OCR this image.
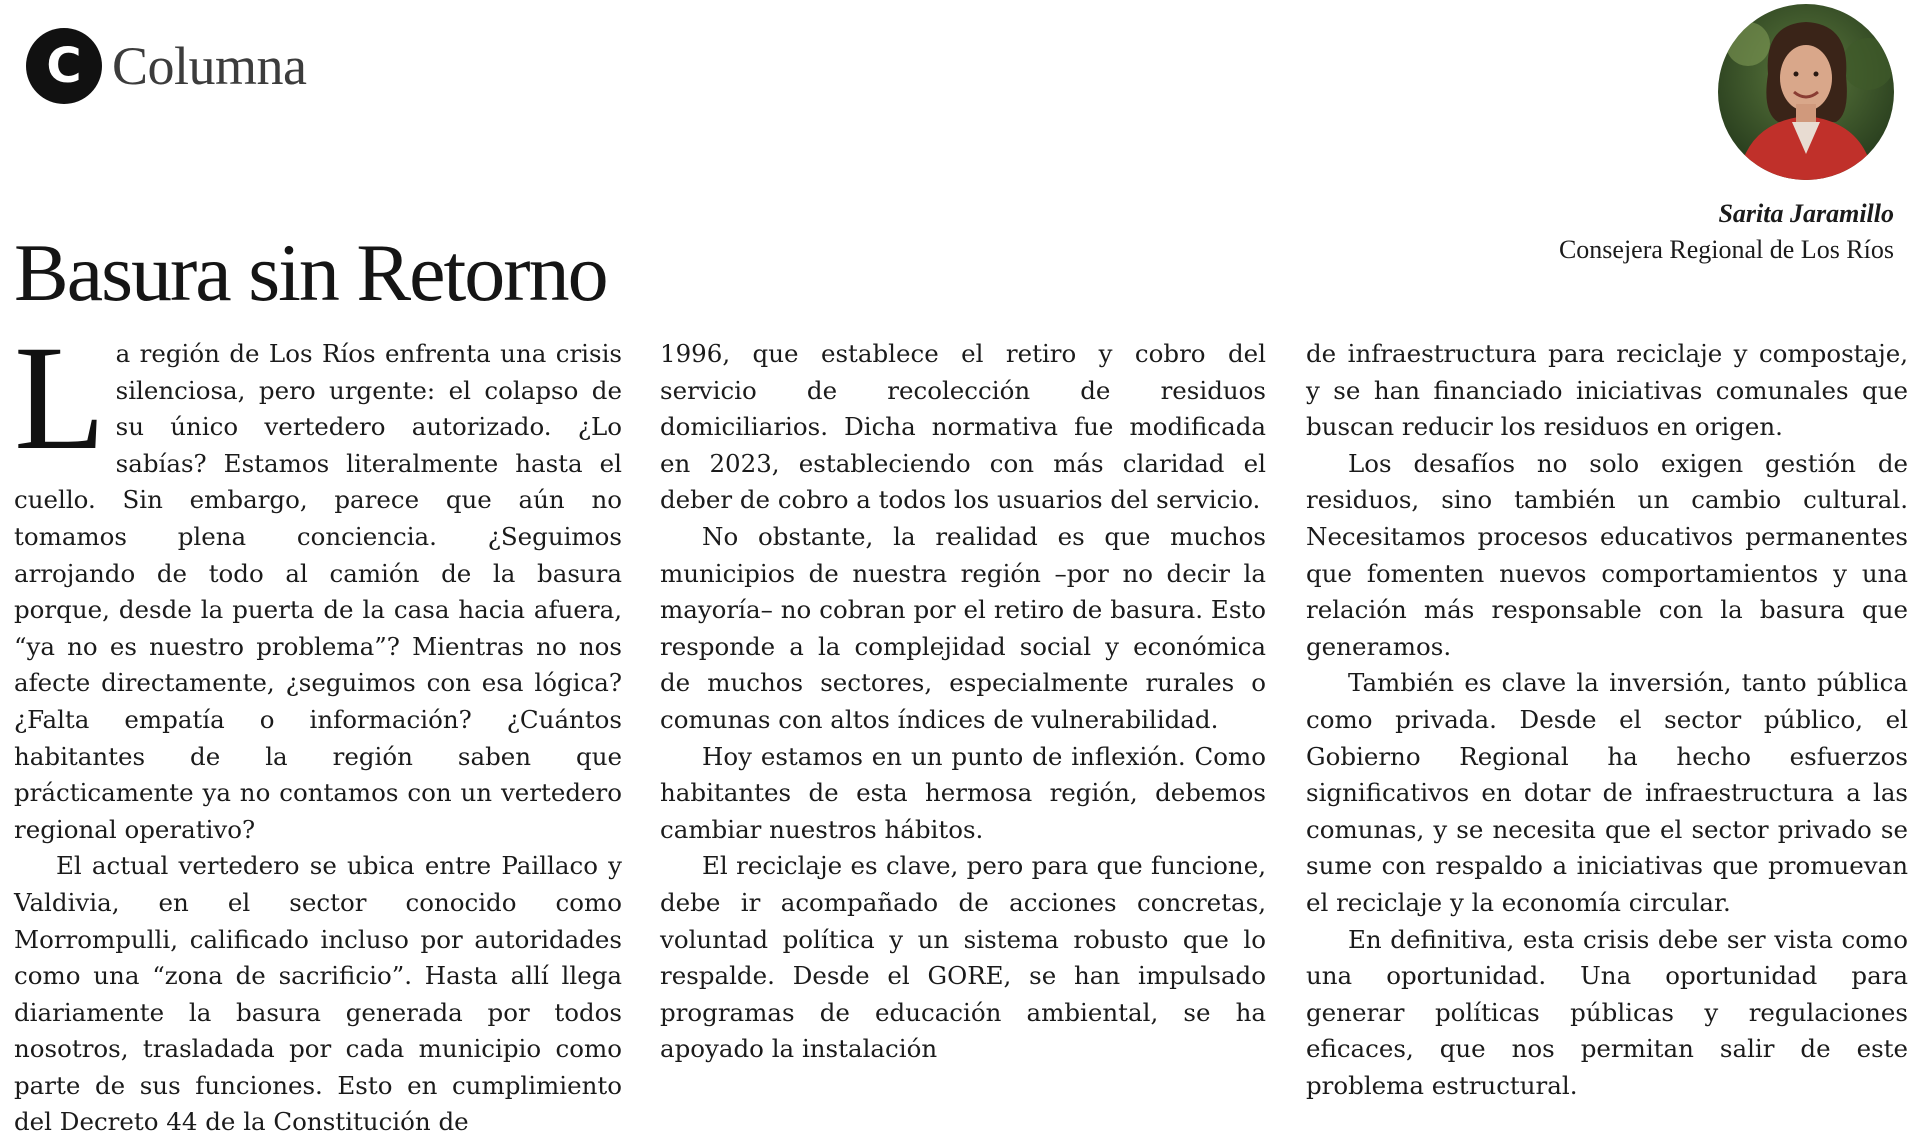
C Columna
Basura sin Retorno
Sarita Jaramillo
Consejera Regional de Los Ríos

La región de Los Ríos enfrenta una crisis silenciosa, pero urgente: el colapso de su único vertedero autorizado. ¿Lo sabías? Estamos literalmente hasta el cuello. Sin embargo, parece que aún no tomamos plena conciencia. ¿Seguimos arrojando de todo al camión de la basura porque, desde la puerta de la casa hacia afuera, “ya no es nuestro problema”? Mientras no nos afecte directamente, ¿seguimos con esa lógica? ¿Falta empatía o información? ¿Cuántos habitantes de la región saben que prácticamente ya no contamos con un vertedero regional operativo?

El actual vertedero se ubica entre Paillaco y Valdivia, en el sector conocido como Morrompulli, calificado incluso por autoridades como una “zona de sacrificio”. Hasta allí llega diariamente la basura generada por todos nosotros, trasladada por cada municipio como parte de sus funciones. Esto en cumplimiento del Decreto 44 de la Constitución de

1996, que establece el retiro y cobro del servicio de recolección de residuos domiciliarios. Dicha normativa fue modificada en 2023, estableciendo con más claridad el deber de cobro a todos los usuarios del servicio.

No obstante, la realidad es que muchos municipios de nuestra región –por no decir la mayoría– no cobran por el retiro de basura. Esto responde a la complejidad social y económica de muchos sectores, especialmente rurales o comunas con altos índices de vulnerabilidad.

Hoy estamos en un punto de inflexión. Como habitantes de esta hermosa región, debemos cambiar nuestros hábitos.

El reciclaje es clave, pero para que funcione, debe ir acompañado de acciones concretas, voluntad política y un sistema robusto que lo respalde. Desde el GORE, se han impulsado programas de educación ambiental, se ha apoyado la instalación

de infraestructura para reciclaje y compostaje, y se han financiado iniciativas comunales que buscan reducir los residuos en origen.

Los desafíos no solo exigen gestión de residuos, sino también un cambio cultural. Necesitamos procesos educativos permanentes que fomenten nuevos comportamientos y una relación más responsable con la basura que generamos.

También es clave la inversión, tanto pública como privada. Desde el sector público, el Gobierno Regional ha hecho esfuerzos significativos en dotar de infraestructura a las comunas, y se necesita que el sector privado se sume con respaldo a iniciativas que promuevan el reciclaje y la economía circular.

En definitiva, esta crisis debe ser vista como una oportunidad. Una oportunidad para generar políticas públicas y regulaciones eficaces, que nos permitan salir de este problema estructural.
